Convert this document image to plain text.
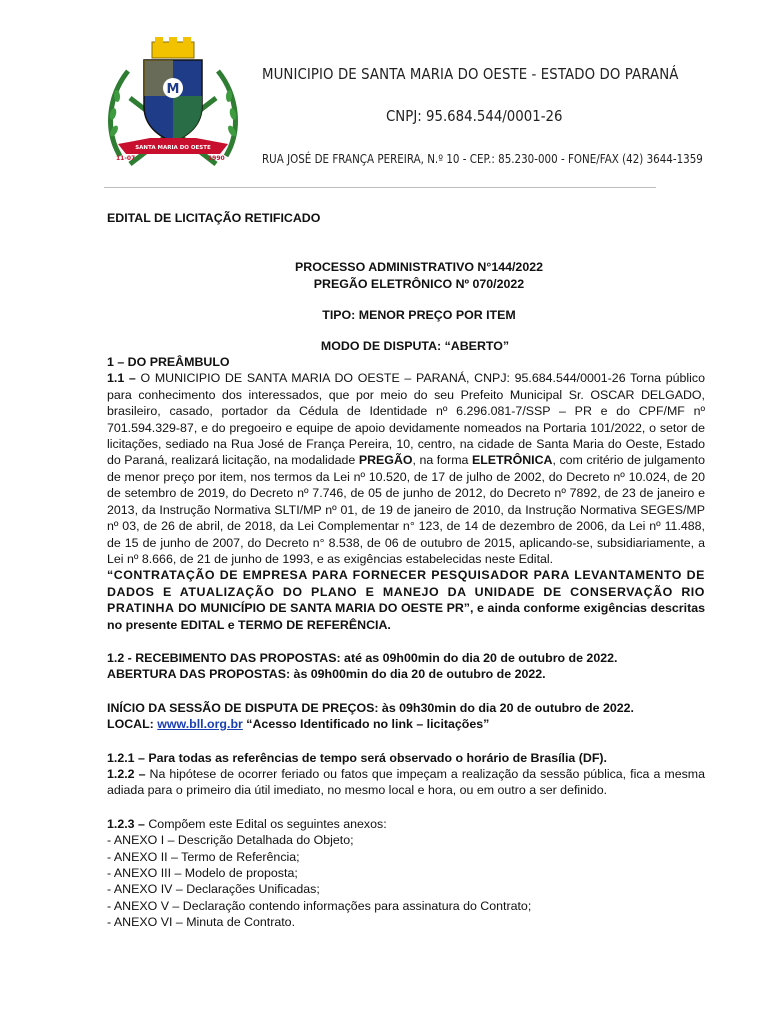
M
SANTA MARIA DO OESTE
11-07	1990
MUNICIPIO DE SANTA MARIA DO OESTE - ESTADO DO PARANÁ
CNPJ: 95.684.544/0001-26
RUA JOSÉ DE FRANÇA PEREIRA, N.º 10 - CEP.: 85.230-000 - FONE/FAX (42) 3644-1359

EDITAL DE LICITAÇÃO RETIFICADO

PROCESSO ADMINISTRATIVO N°144/2022

PREGÃO ELETRÔNICO Nº 070/2022

TIPO: MENOR PREÇO POR ITEM

MODO DE DISPUTA: “ABERTO”

1 – DO PREÂMBULO

1.1 – O MUNICIPIO DE SANTA MARIA DO OESTE – PARANÁ, CNPJ: 95.684.544/0001-26 Torna público para conhecimento dos interessados, que por meio do seu Prefeito Municipal Sr. OSCAR DELGADO, brasileiro, casado, portador da Cédula de Identidade nº 6.296.081-7/SSP – PR e do CPF/MF nº 701.594.329-87, e do pregoeiro e equipe de apoio devidamente nomeados na Portaria 101/2022, o setor de licitações, sediado na Rua José de França Pereira, 10, centro, na cidade de Santa Maria do Oeste, Estado do Paraná, realizará licitação, na modalidade PREGÃO, na forma ELETRÔNICA, com critério de julgamento de menor preço por item, nos termos da Lei nº 10.520, de 17 de julho de 2002, do Decreto nº 10.024, de 20 de setembro de 2019, do Decreto nº 7.746, de 05 de junho de 2012, do Decreto nº 7892, de 23 de janeiro e 2013, da Instrução Normativa SLTI/MP nº 01, de 19 de janeiro de 2010, da Instrução Normativa SEGES/MP nº 03, de 26 de abril, de 2018, da Lei Complementar n° 123, de 14 de dezembro de 2006, da Lei nº 11.488, de 15 de junho de 2007, do Decreto n° 8.538, de 06 de outubro de 2015, aplicando-se, subsidiariamente, a Lei nº 8.666, de 21 de junho de 1993, e as exigências estabelecidas neste Edital.

“CONTRATAÇÃO DE EMPRESA PARA FORNECER PESQUISADOR PARA LEVANTAMENTO DE DADOS E ATUALIZAÇÃO DO PLANO E MANEJO DA UNIDADE DE CONSERVAÇÃO RIO PRATINHA DO MUNICÍPIO DE SANTA MARIA DO OESTE PR”, e ainda conforme exigências descritas no presente EDITAL e TERMO DE REFERÊNCIA.

1.2 - RECEBIMENTO DAS PROPOSTAS: até as 09h00min do dia 20 de outubro de 2022.

ABERTURA DAS PROPOSTAS: às 09h00min do dia 20 de outubro de 2022.

INÍCIO DA SESSÃO DE DISPUTA DE PREÇOS: às 09h30min do dia 20 de outubro de 2022.

LOCAL: www.bll.org.br “Acesso Identificado no link – licitações”

1.2.1 – Para todas as referências de tempo será observado o horário de Brasília (DF).

1.2.2 – Na hipótese de ocorrer feriado ou fatos que impeçam a realização da sessão pública, fica a mesma adiada para o primeiro dia útil imediato, no mesmo local e hora, ou em outro a ser definido.

1.2.3 – Compõem este Edital os seguintes anexos:

- ANEXO I – Descrição Detalhada do Objeto;

- ANEXO II – Termo de Referência;

- ANEXO III – Modelo de proposta;

- ANEXO IV – Declarações Unificadas;

- ANEXO V – Declaração contendo informações para assinatura do Contrato;

- ANEXO VI – Minuta de Contrato.
